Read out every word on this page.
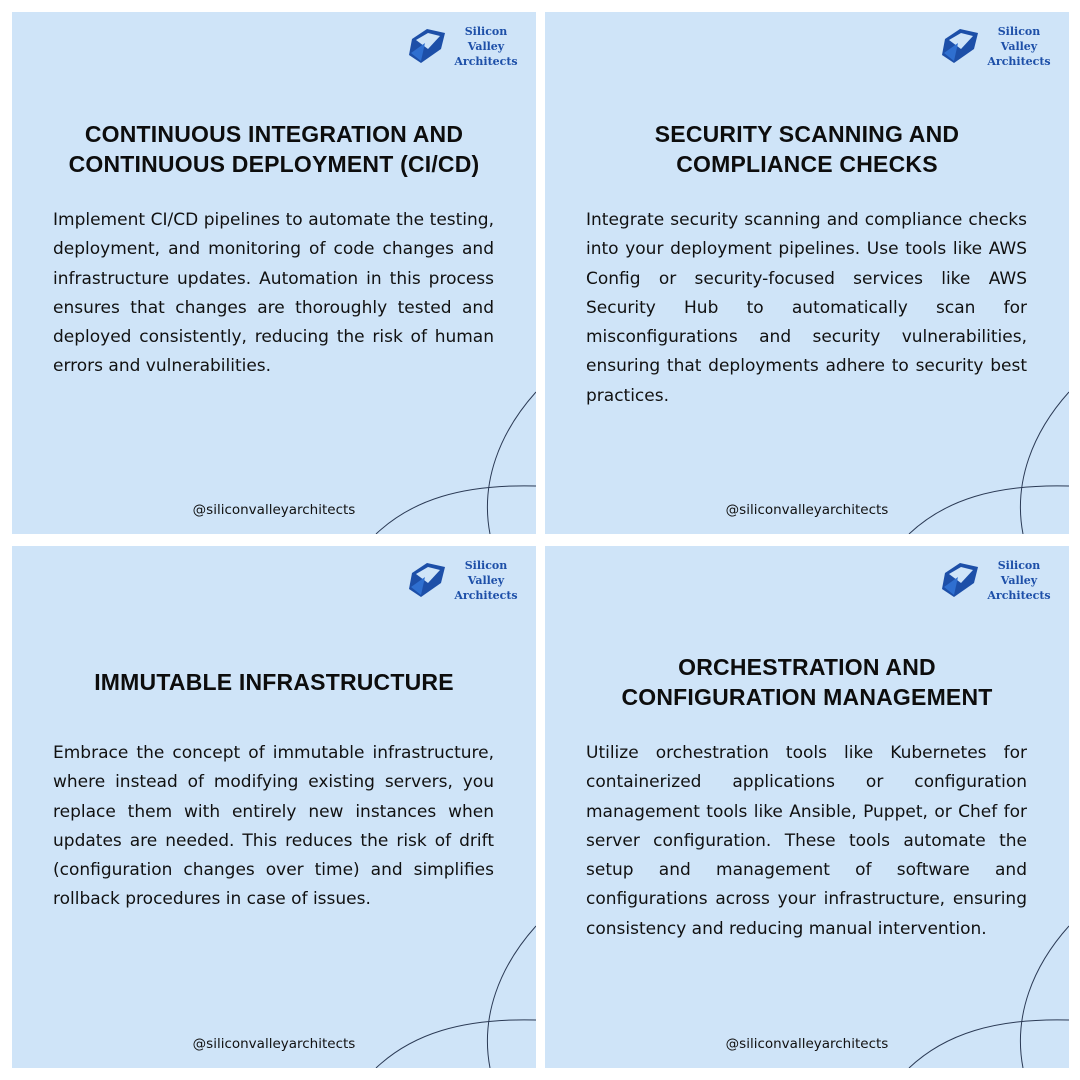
Silicon Valley
Architects
CONTINUOUS INTEGRATION AND
CONTINUOUS DEPLOYMENT (CI/CD)
Implement CI/CD pipelines to automate the testing, deployment, and monitoring of code changes and infrastructure updates. Automation in this process ensures that changes are thoroughly tested and deployed consistently, reducing the risk of human errors and vulnerabilities.
@siliconvalleyarchitects
Silicon Valley
Architects
SECURITY SCANNING AND
COMPLIANCE CHECKS
Integrate security scanning and compliance checks into your deployment pipelines. Use tools like AWS Config or security-focused services like AWS Security Hub to automatically scan for misconfigurations and security vulnerabilities, ensuring that deployments adhere to security best practices.
@siliconvalleyarchitects
Silicon Valley
Architects
IMMUTABLE INFRASTRUCTURE
Embrace the concept of immutable infrastructure, where instead of modifying existing servers, you replace them with entirely new instances when updates are needed. This reduces the risk of drift (configuration changes over time) and simplifies rollback procedures in case of issues.
@siliconvalleyarchitects
Silicon Valley
Architects
ORCHESTRATION AND
CONFIGURATION MANAGEMENT
Utilize orchestration tools like Kubernetes for containerized applications or configuration management tools like Ansible, Puppet, or Chef for server configuration. These tools automate the setup and management of software and configurations across your infrastructure, ensuring consistency and reducing manual intervention.
@siliconvalleyarchitects
